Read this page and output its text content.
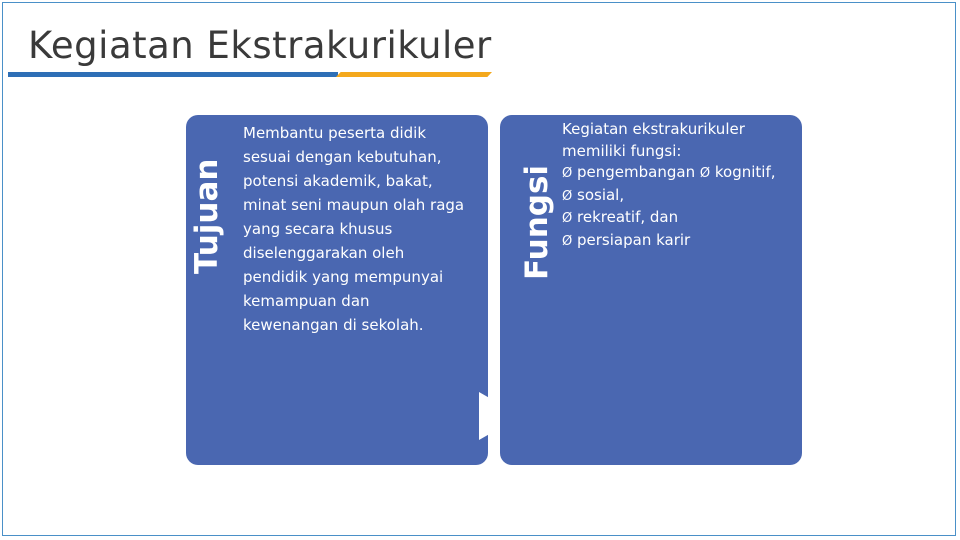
Kegiatan Ekstrakurikuler
Tujuan
Membantu peserta didik sesuai dengan kebutuhan, potensi akademik, bakat, minat seni maupun olah raga yang secara khusus diselenggarakan oleh pendidik yang mempunyai kemampuan dan kewenangan di sekolah.
Fungsi
Kegiatan ekstrakurikuler
memiliki fungsi:
Ø pengembangan Ø kognitif,
Ø sosial,
Ø rekreatif, dan
Ø persiapan karir
